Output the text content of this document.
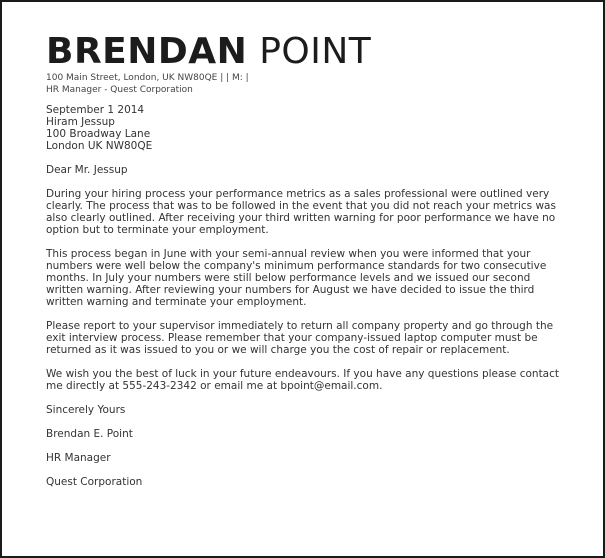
BRENDAN POINT
100 Main Street, London, UK NW80QE | | M: |
HR Manager - Quest Corporation
September 1 2014
Hiram Jessup
100 Broadway Lane
London UK NW80QE
Dear Mr. Jessup

During your hiring process your performance metrics as a sales professional were outlined very clearly. The process that was to be followed in the event that you did not reach your metrics was also clearly outlined. After receiving your third written warning for poor performance we have no option but to terminate your employment.

This process began in June with your semi-annual review when you were informed that your numbers were well below the company's minimum performance standards for two consecutive months. In July your numbers were still below performance levels and we issued our second written warning. After reviewing your numbers for August we have decided to issue the third written warning and terminate your employment.

Please report to your supervisor immediately to return all company property and go through the exit interview process. Please remember that your company-issued laptop computer must be returned as it was issued to you or we will charge you the cost of repair or replacement.

We wish you the best of luck in your future endeavours. If you have any questions please contact me directly at 555-243-2342 or email me at bpoint@email.com.

Sincerely Yours
Brendan E. Point
HR Manager
Quest Corporation
